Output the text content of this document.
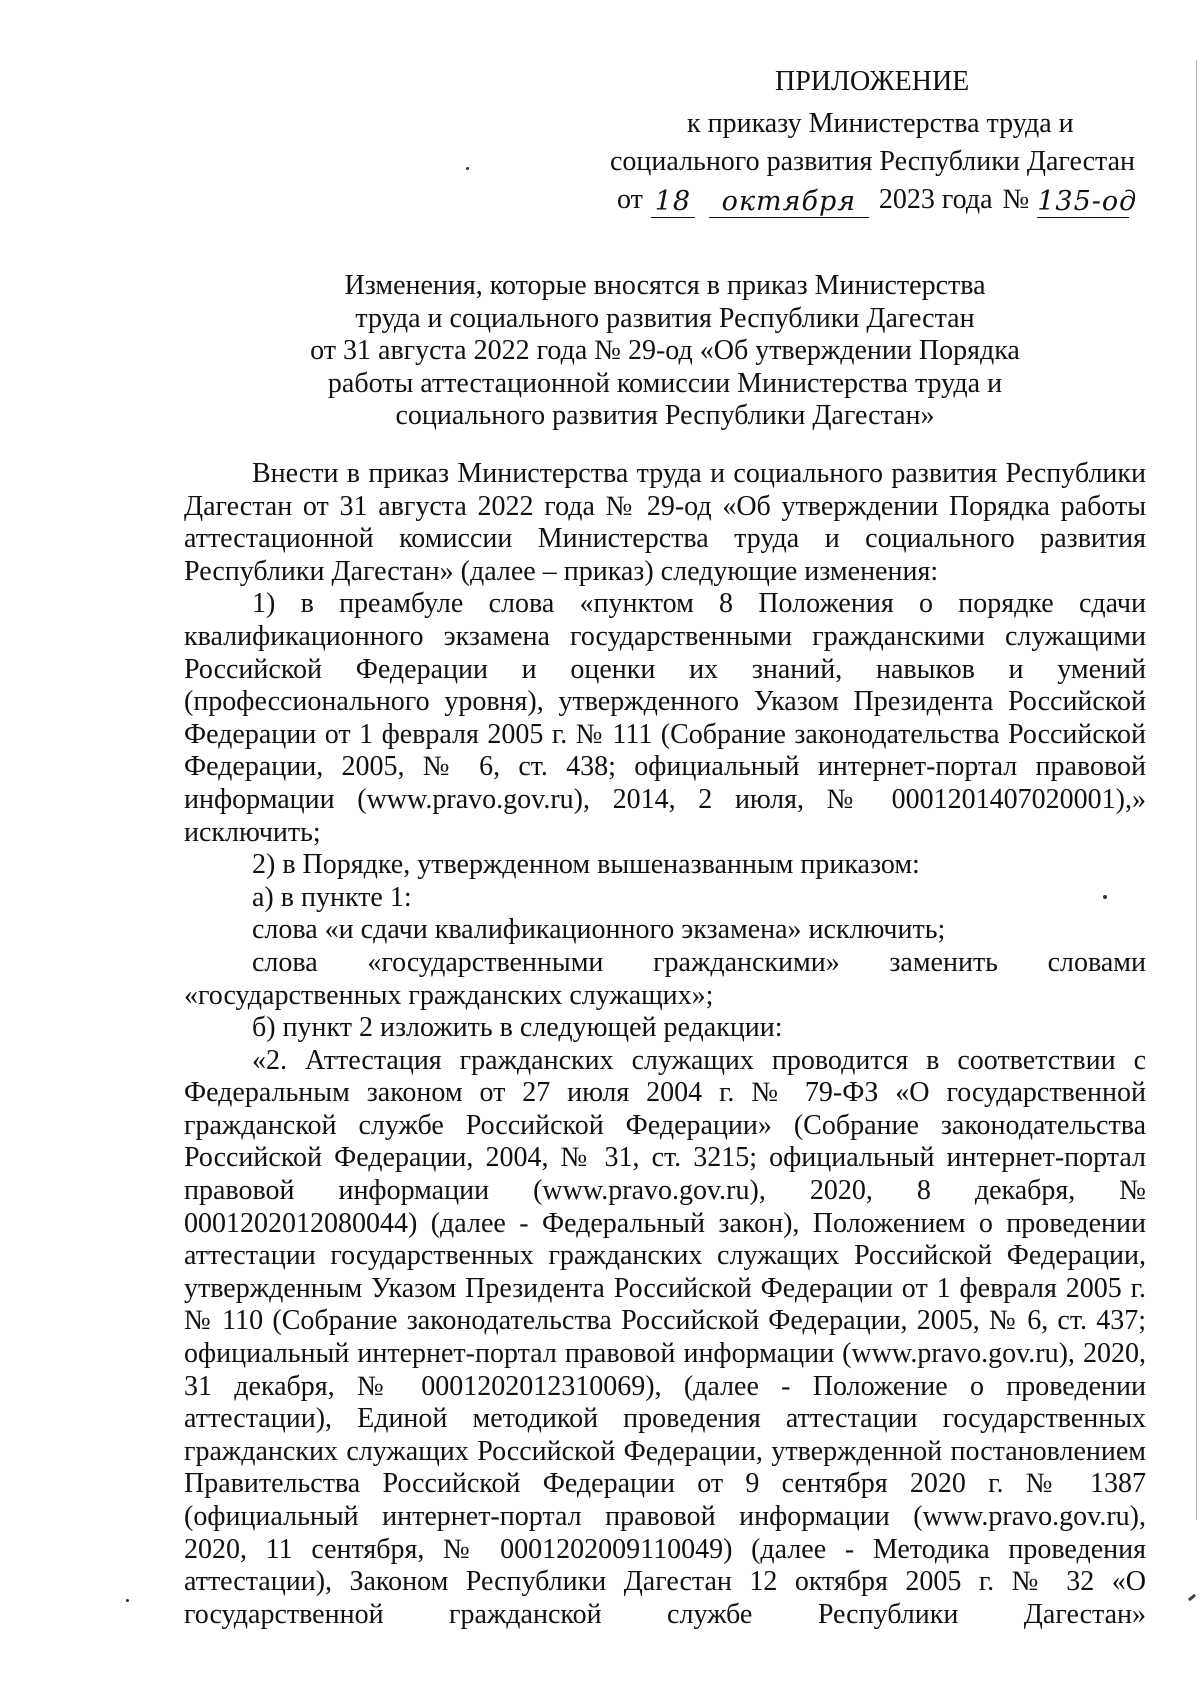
ПРИЛОЖЕНИЕ
к приказу Министерства труда и
социального развития Республики Дагестан
от 18	октября 2023 года № 135-од
Изменения, которые вносятся в приказ Министерства
труда и социального развития Республики Дагестан
от 31 августа 2022 года № 29-од «Об утверждении Порядка
работы аттестационной комиссии Министерства труда и
социального развития Республики Дагестан»

Внести в приказ Министерства труда и социального развития Республики Дагестан от 31 августа 2022 года № 29-од «Об утверждении Порядка работы аттестационной комиссии Министерства труда и социального развития Республики Дагестан» (далее – приказ) следующие изменения:

1) в преамбуле слова «пунктом 8 Положения о порядке сдачи квалификационного экзамена государственными гражданскими служащими Российской Федерации и оценки их знаний, навыков и умений (профессионального уровня), утвержденного Указом Президента Российской Федерации от 1 февраля 2005 г. № 111 (Собрание законодательства Российской Федерации, 2005, № 6, ст. 438; официальный интернет-портал правовой информации (www.pravo.gov.ru), 2014, 2 июля, № 0001201407020001),» исключить;

2) в Порядке, утвержденном вышеназванным приказом:

а) в пункте 1:

слова «и сдачи квалификационного экзамена» исключить;

слова «государственными гражданскими» заменить словами «государственных гражданских служащих»;

б) пункт 2 изложить в следующей редакции:

«2. Аттестация гражданских служащих проводится в соответствии с Федеральным законом от 27 июля 2004 г. № 79-ФЗ «О государственной гражданской службе Российской Федерации» (Собрание законодательства Российской Федерации, 2004, № 31, ст. 3215; официальный интернет-портал правовой информации (www.pravo.gov.ru), 2020, 8 декабря, № 0001202012080044) (далее - Федеральный закон), Положением о проведении аттестации государственных гражданских служащих Российской Федерации, утвержденным Указом Президента Российской Федерации от 1 февраля 2005 г. № 110 (Собрание законодательства Российской Федерации, 2005, № 6, ст. 437; официальный интернет-портал правовой информации (www.pravo.gov.ru), 2020, 31 декабря, № 0001202012310069), (далее - Положение о проведении аттестации), Единой методикой проведения аттестации государственных гражданских служащих Российской Федерации, утвержденной постановлением Правительства Российской Федерации от 9 сентября 2020 г. № 1387 (официальный интернет-портал правовой информации (www.pravo.gov.ru), 2020, 11 сентября, № 0001202009110049) (далее - Методика проведения аттестации), Законом Республики Дагестан 12 октября 2005 г. № 32 «О государственной гражданской службе Республики Дагестан»
